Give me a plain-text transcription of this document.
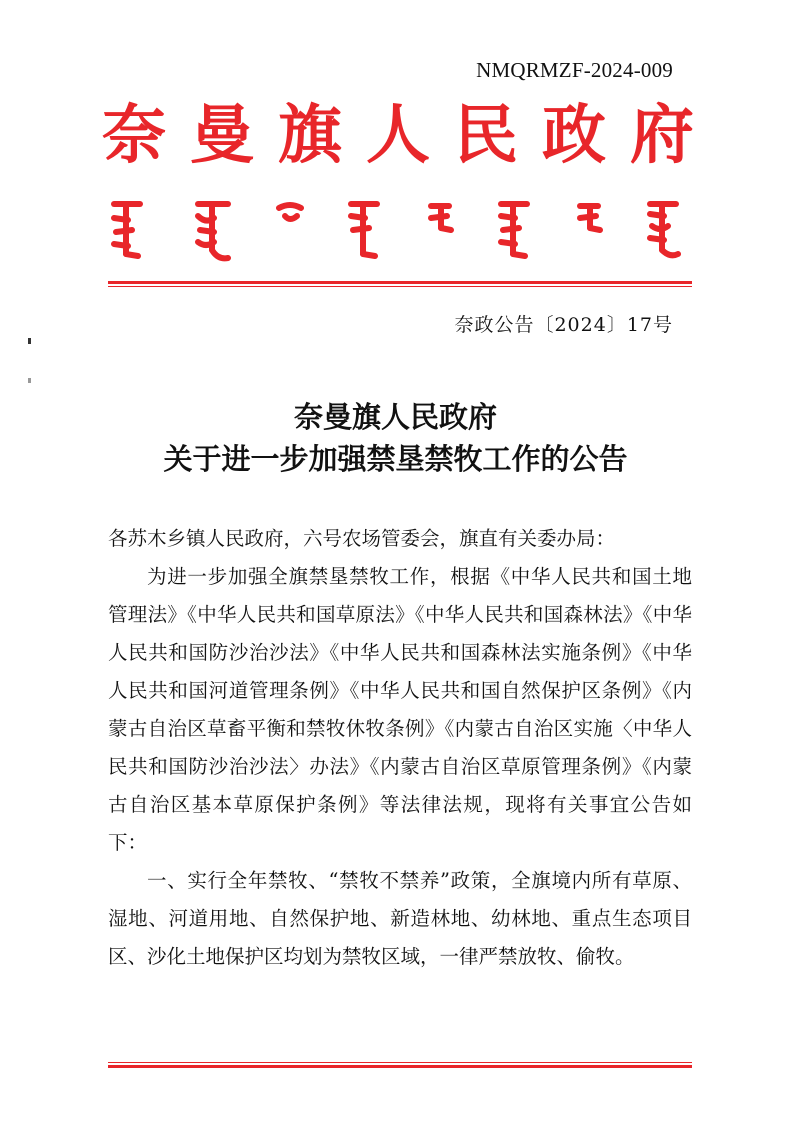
NMQRMZF-2024-009
奈 曼 旗 人 民 政 府
奈政公告〔2024〕17号
奈曼旗人民政府
关于进一步加强禁垦禁牧工作的公告

各苏木乡镇人民政府，六号农场管委会，旗直有关委办局：

为进一步加强全旗禁垦禁牧工作，根据《中华人民共和国土地管理法》《中华人民共和国草原法》《中华人民共和国森林法》《中华人民共和国防沙治沙法》《中华人民共和国森林法实施条例》《中华人民共和国河道管理条例》《中华人民共和国自然保护区条例》《内蒙古自治区草畜平衡和禁牧休牧条例》《内蒙古自治区实施〈中华人民共和国防沙治沙法〉办法》《内蒙古自治区草原管理条例》《内蒙古自治区基本草原保护条例》等法律法规，现将有关事宜公告如下：

一、实行全年禁牧、“禁牧不禁养”政策，全旗境内所有草原、湿地、河道用地、自然保护地、新造林地、幼林地、重点生态项目区、沙化土地保护区均划为禁牧区域，一律严禁放牧、偷牧。
